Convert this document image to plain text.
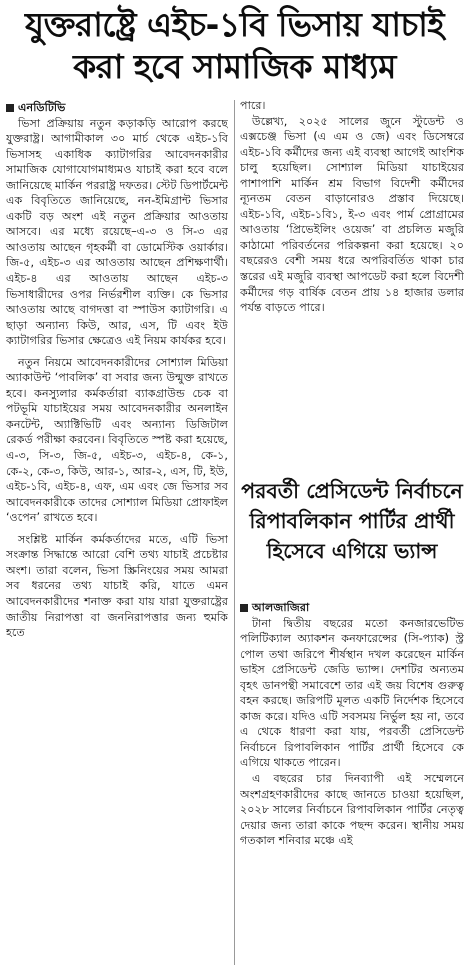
যুক্তরাষ্ট্রে এইচ-১বি ভিসায় যাচাই
করা হবে সামাজিক মাধ্যম

এনডিটিভি

ভিসা প্রক্রিয়ায় নতুন কড়াকড়ি আরোপ করছে যুক্তরাষ্ট্র। আগামীকাল ৩০ মার্চ থেকে এইচ-১বি ভিসাসহ একাধিক ক্যাটাগরির আবেদনকারীর সামাজিক যোগাযোগমাধ্যমও যাচাই করা হবে বলে জানিয়েছে মার্কিন পররাষ্ট্র দফতর। স্টেট ডিপার্টমেন্ট এক বিবৃতিতে জানিয়েছে, নন-ইমিগ্রান্ট ভিসার একটি বড় অংশ এই নতুন প্রক্রিয়ার আওতায় আসবে। এর মধ্যে রয়েছে–এ-৩ ও সি-৩ এর আওতায় আছেন গৃহকর্মী বা ডোমেস্টিক ওয়ার্কার। জি-৫, এইচ-৩ এর আওতায় আছেন প্রশিক্ষণার্থী। এইচ-৪ এর আওতায় আছেন এইচ-৩ ভিসাধারীদের ওপর নির্ভরশীল ব্যক্তি। কে ভিসার আওতায় আছে বাগদত্তা বা স্পাউস ক্যাটাগরি। এ ছাড়া অন্যান্য কিউ, আর, এস, টি এবং ইউ ক্যাটাগরির ভিসার ক্ষেত্রেও এই নিয়ম কার্যকর হবে।

নতুন নিয়মে আবেদনকারীদের সোশ্যাল মিডিয়া অ্যাকাউন্ট ‘পাবলিক’ বা সবার জন্য উন্মুক্ত রাখতে হবে। কনস্যুলার কর্মকর্তারা ব্যাকগ্রাউন্ড চেক বা পটভূমি যাচাইয়ের সময় আবেদনকারীর অনলাইন কনটেন্ট, অ্যাক্টিভিটি এবং অন্যান্য ডিজিটাল রেকর্ড পরীক্ষা করবেন। বিবৃতিতে স্পষ্ট করা হয়েছে, এ-৩, সি-৩, জি-৫, এইচ-৩, এইচ-৪, কে-১, কে-২, কে-৩, কিউ, আর-১, আর-২, এস, টি, ইউ, এইচ-১বি, এইচ-৪, এফ, এম এবং জে ভিসার সব আবেদনকারীকে তাদের সোশ্যাল মিডিয়া প্রোফাইল ‘ওপেন’ রাখতে হবে।

সংশ্লিষ্ট মার্কিন কর্মকর্তাদের মতে, এটি ভিসা সংক্রান্ত সিদ্ধান্তে আরো বেশি তথ্য যাচাই প্রচেষ্টার অংশ। তারা বলেন, ভিসা স্ক্রিনিংয়ের সময় আমরা সব ধরনের তথ্য যাচাই করি, যাতে এমন আবেদনকারীদের শনাক্ত করা যায় যারা যুক্তরাষ্ট্রের জাতীয় নিরাপত্তা বা জননিরাপত্তার জন্য হুমকি হতে

পারে।

উল্লেখ্য, ২০২৫ সালের জুনে স্টুডেন্ট ও এক্সচেঞ্জ ভিসা (এ এম ও জে) এবং ডিসেম্বরে এইচ-১বি কর্মীদের জন্য এই ব্যবস্থা আগেই আংশিক চালু হয়েছিল। সোশ্যাল মিডিয়া যাচাইয়ের পাশাপাশি মার্কিন শ্রম বিভাগ বিদেশী কর্মীদের ন্যূনতম বেতন বাড়ানোরও প্রস্তাব দিয়েছে। এইচ-১বি, এইচ-১বি১, ই-৩ এবং পার্ম প্রোগ্রামের আওতায় ‘প্রিভেইলিং ওয়েজ’ বা প্রচলিত মজুরি কাঠামো পরিবর্তনের পরিকল্পনা করা হয়েছে। ২০ বছরেরও বেশী সময় ধরে অপরিবর্তিত থাকা চার স্তরের এই মজুরি ব্যবস্থা আপডেট করা হলে বিদেশী কর্মীদের গড় বার্ষিক বেতন প্রায় ১৪ হাজার ডলার পর্যন্ত বাড়তে পারে।

পরবর্তী প্রেসিডেন্ট নির্বাচনে রিপাবলিকান পার্টির প্রার্থী হিসেবে এগিয়ে ভ্যান্স

আলজাজিরা

টানা দ্বিতীয় বছরের মতো কনজারভেটিভ পলিটিক্যাল অ্যাকশন কনফারেন্সের (সি-প্যাক) স্ট্র পোল তথা জরিপে শীর্ষস্থান দখল করেছেন মার্কিন ভাইস প্রেসিডেন্ট জেডি ভ্যান্স। দেশটির অন্যতম বৃহৎ ডানপন্থী সমাবেশে তার এই জয় বিশেষ গুরুত্ব বহন করছে। জরিপটি মূলত একটি নির্দেশক হিসেবে কাজ করে। যদিও এটি সবসময় নির্ভুল হয় না, তবে এ থেকে ধারণা করা যায়, পরবর্তী প্রেসিডেন্ট নির্বাচনে রিপাবলিকান পার্টির প্রার্থী হিসেবে কে এগিয়ে থাকতে পারেন।

এ বছরের চার দিনব্যাপী এই সম্মেলনে অংশগ্রহণকারীদের কাছে জানতে চাওয়া হয়েছিল, ২০২৮ সালের নির্বাচনে রিপাবলিকান পার্টির নেতৃত্ব দেয়ার জন্য তারা কাকে পছন্দ করেন। স্থানীয় সময় গতকাল শনিবার মঞ্চে এই
